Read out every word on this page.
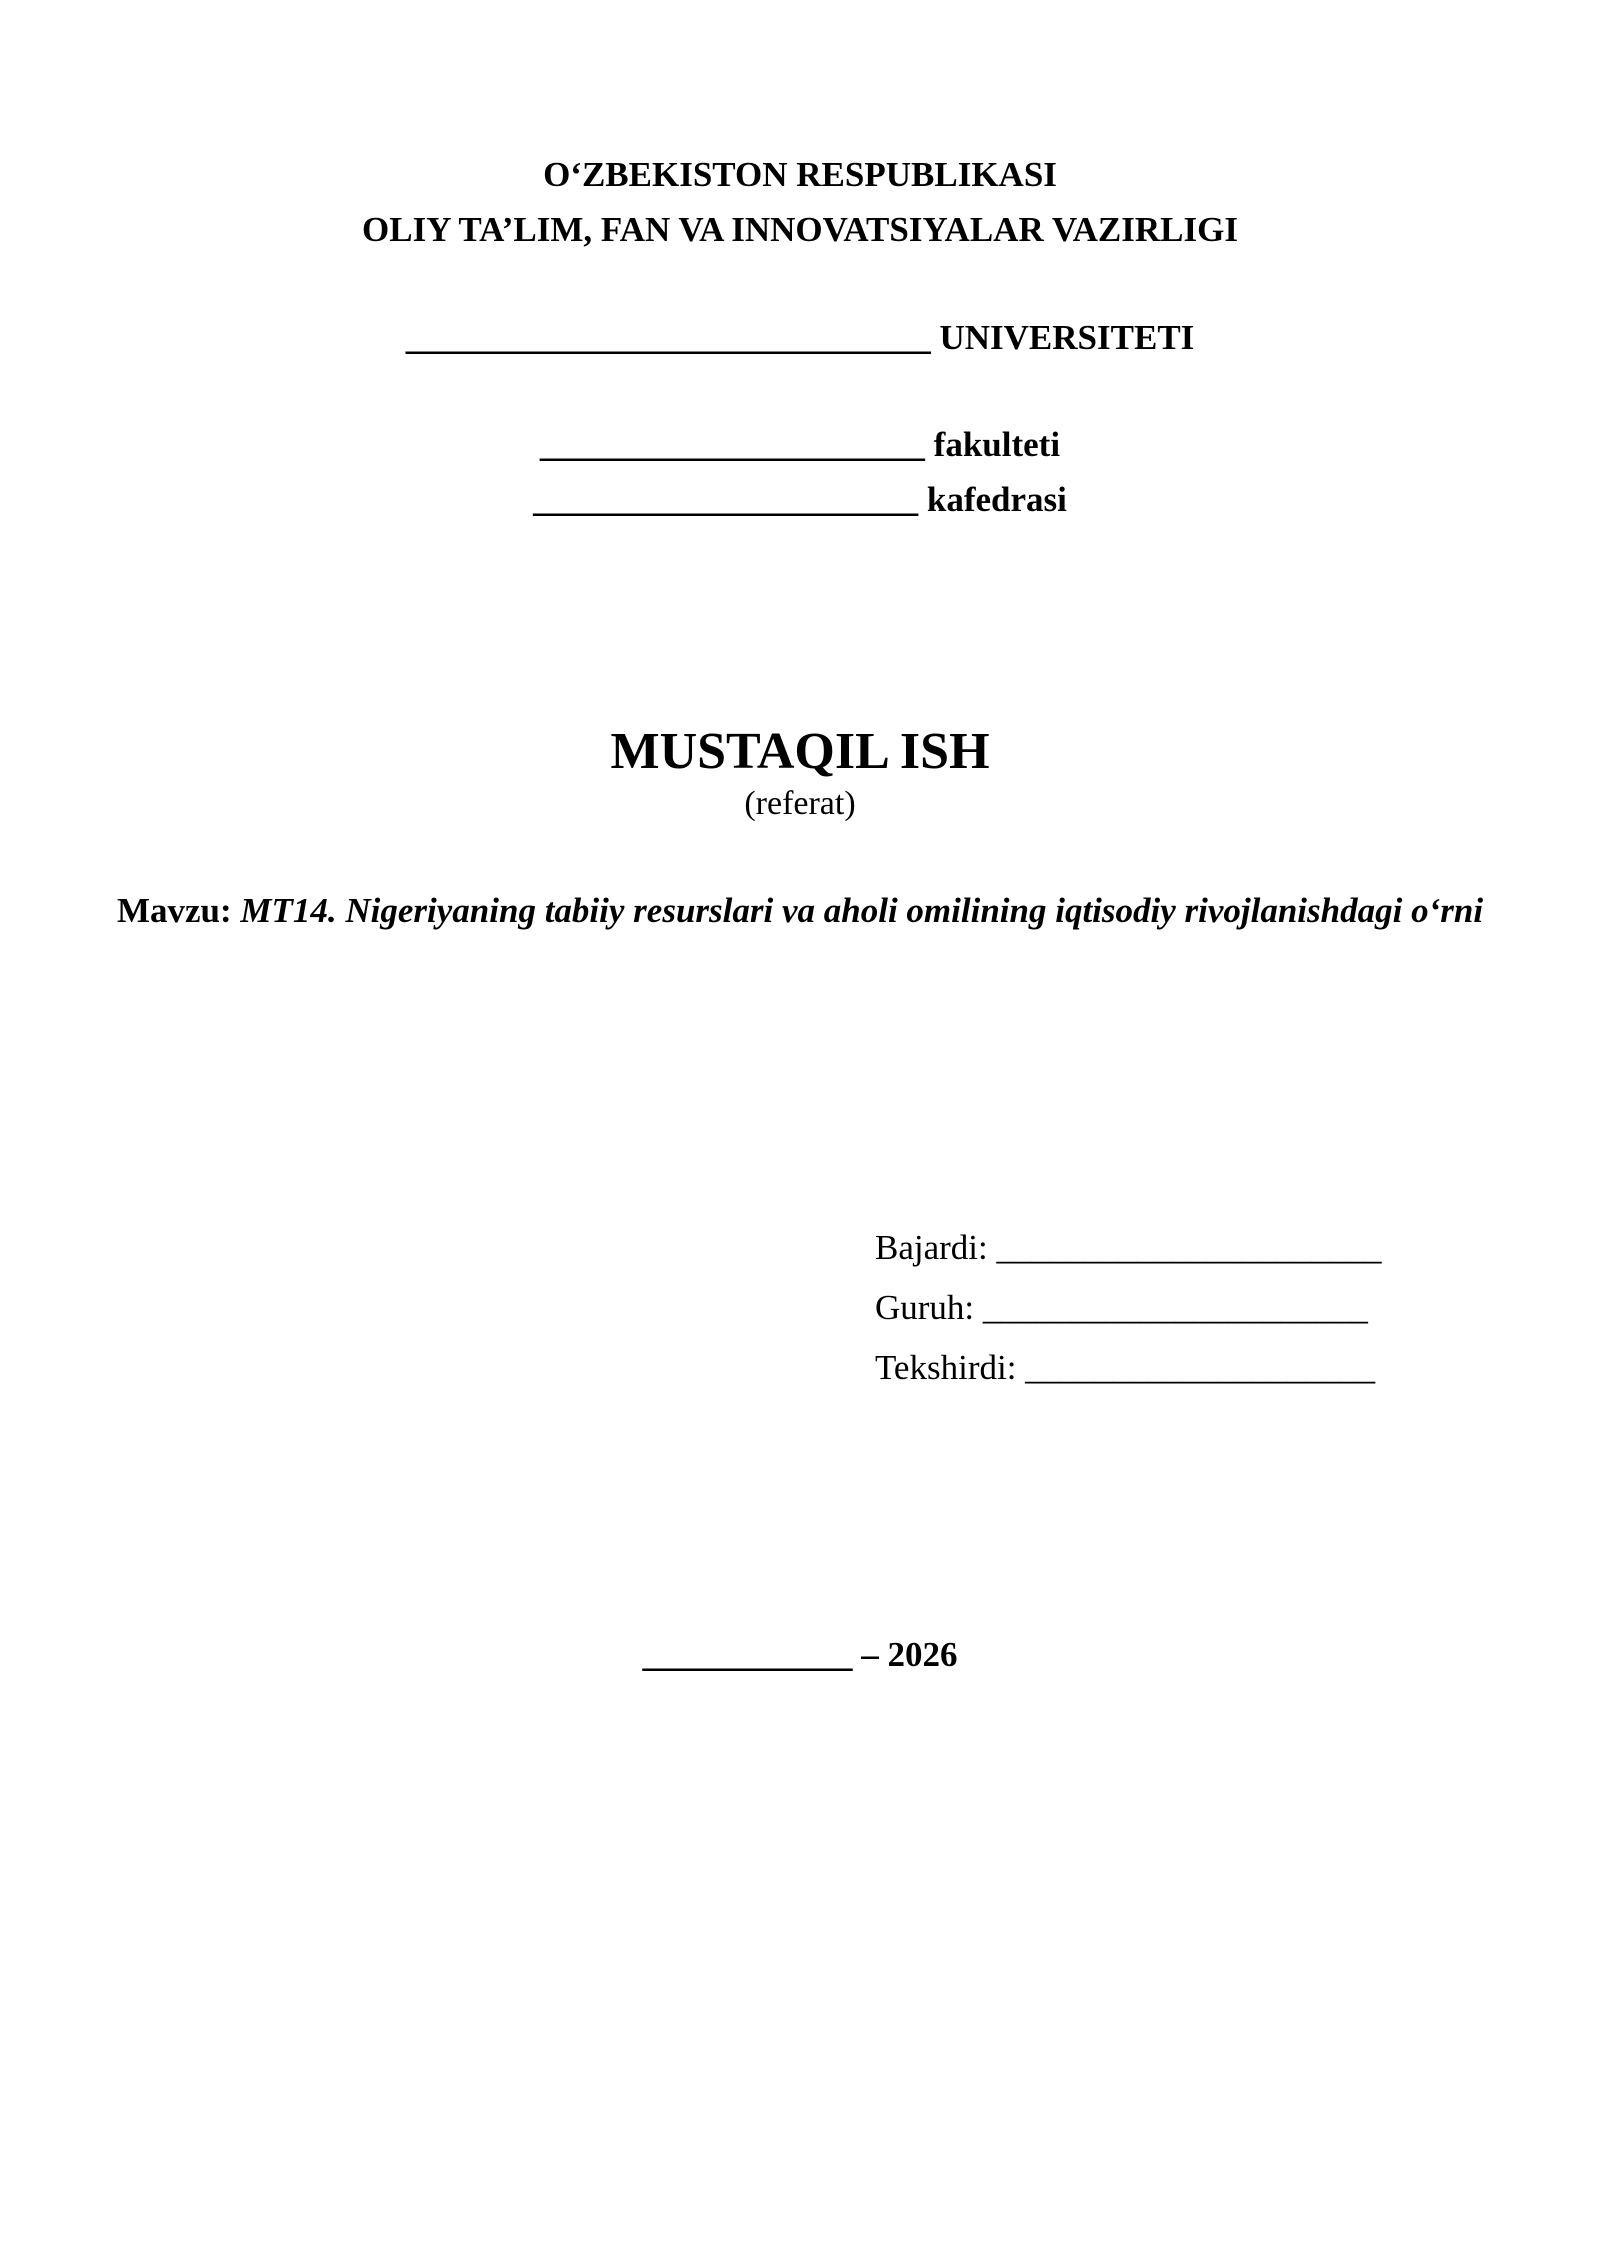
O‘ZBEKISTON RESPUBLIKASI
OLIY TA’LIM, FAN VA INNOVATSIYALAR VAZIRLIGI
______________________________ UNIVERSITETI
______________________ fakulteti
______________________ kafedrasi
MUSTAQIL ISH
(referat)
Mavzu: MT14. Nigeriyaning tabiiy resurslari va aholi omilining iqtisodiy rivojlanishdagi o‘rni
Bajardi: ______________________
Guruh: ______________________
Tekshirdi: ____________________
____________ – 2026
